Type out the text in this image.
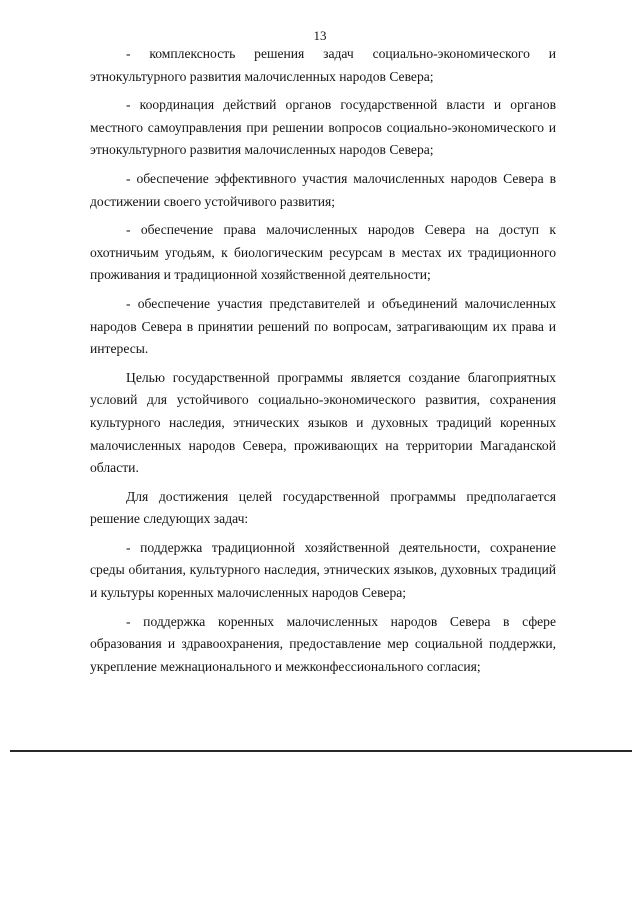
13

- комплексность решения задач социально-экономического и этнокультурного развития малочисленных народов Севера;

- координация действий органов государственной власти и органов местного самоуправления при решении вопросов социально-экономического и этнокультурного развития малочисленных народов Севера;

- обеспечение эффективного участия малочисленных народов Севера в достижении своего устойчивого развития;

- обеспечение права малочисленных народов Севера на доступ к охотничьим угодьям, к биологическим ресурсам в местах их традиционного проживания и традиционной хозяйственной деятельности;

- обеспечение участия представителей и объединений малочисленных народов Севера в принятии решений по вопросам, затрагивающим их права и интересы.

Целью государственной программы является создание благоприятных условий для устойчивого социально-экономического развития, сохранения культурного наследия, этнических языков и духовных традиций коренных малочисленных народов Севера, проживающих на территории Магаданской области.

Для достижения целей государственной программы предполагается решение следующих задач:

- поддержка традиционной хозяйственной деятельности, сохранение среды обитания, культурного наследия, этнических языков, духовных традиций и культуры коренных малочисленных народов Севера;

- поддержка коренных малочисленных народов Севера в сфере образования и здравоохранения, предоставление мер социальной поддержки, укрепление межнационального и межконфессионального согласия;
